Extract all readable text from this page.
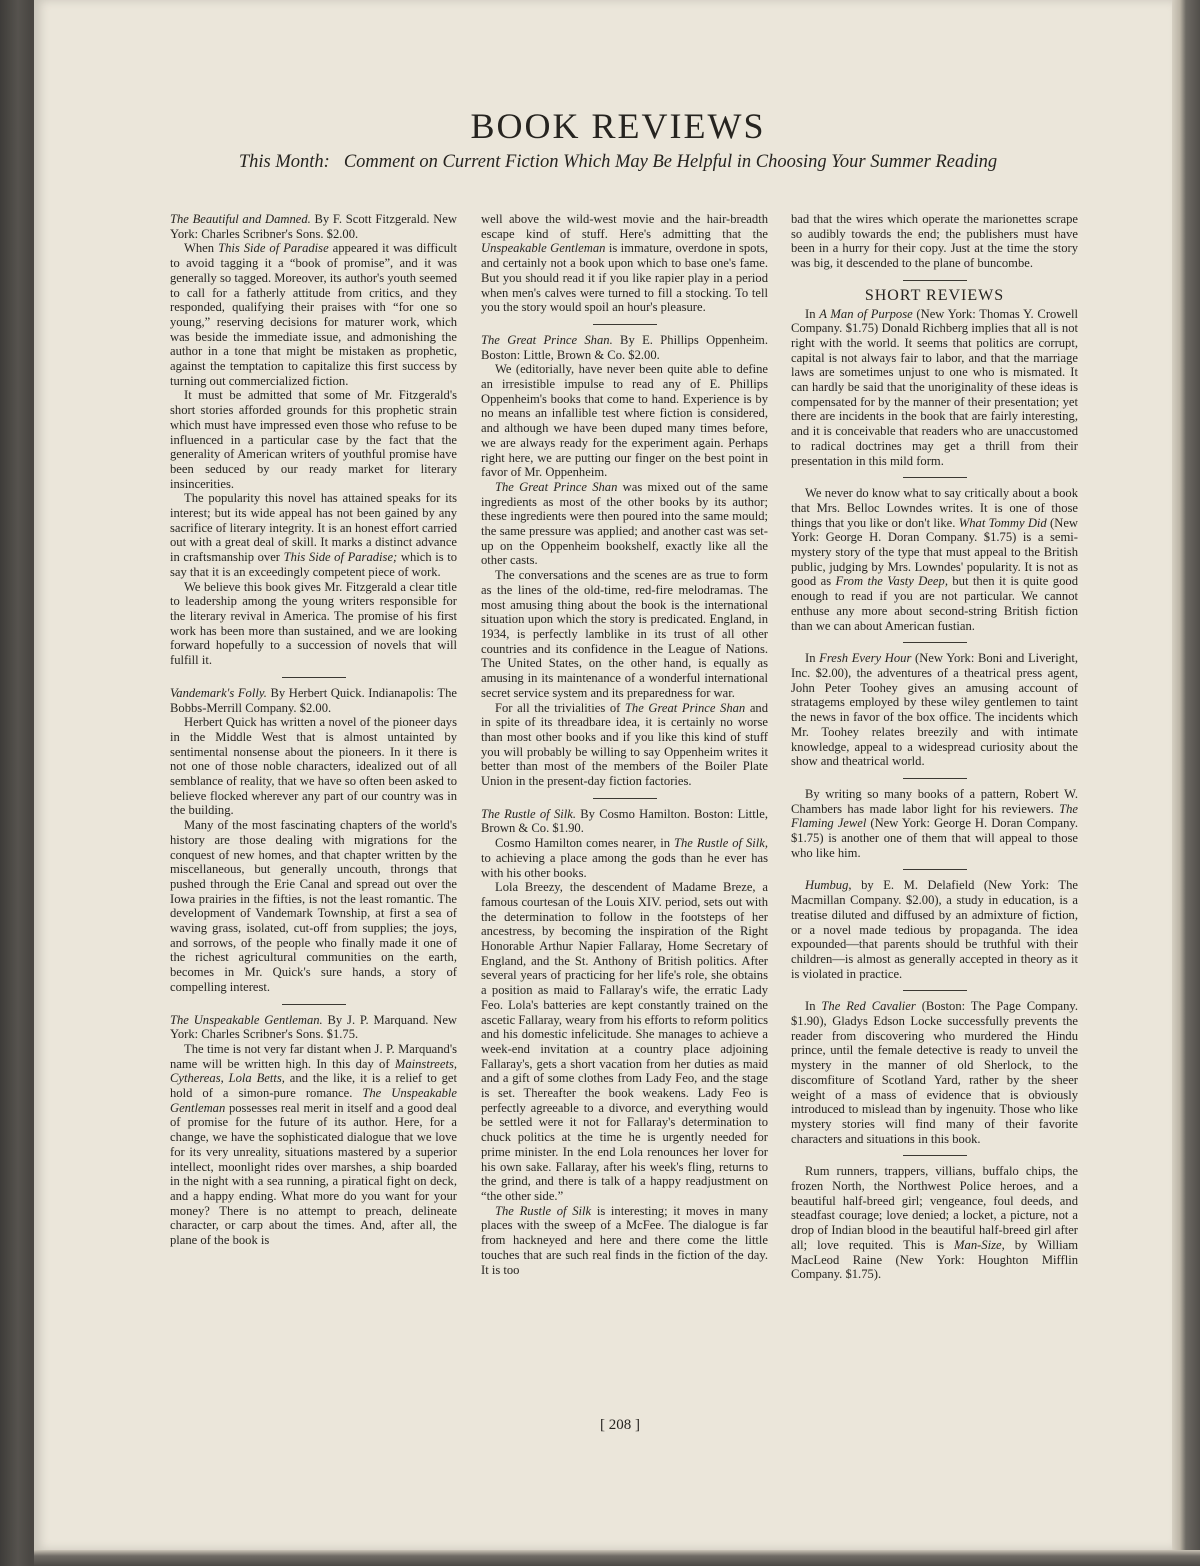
BOOK REVIEWS
This Month: Comment on Current Fiction Which May Be Helpful in Choosing Your Summer Reading

The Beautiful and Damned. By F. Scott Fitzgerald. New York: Charles Scribner's Sons. $2.00.

When This Side of Paradise appeared it was difficult to avoid tagging it a “book of promise”, and it was generally so tagged. Moreover, its author's youth seemed to call for a fatherly attitude from critics, and they responded, qualifying their praises with “for one so young,” reserving decisions for maturer work, which was beside the immediate issue, and admonishing the author in a tone that might be mistaken as prophetic, against the temptation to capitalize this first success by turning out commercialized fiction.

It must be admitted that some of Mr. Fitzgerald's short stories afforded grounds for this prophetic strain which must have impressed even those who refuse to be influenced in a particular case by the fact that the generality of American writers of youthful promise have been seduced by our ready market for literary insincerities.

The popularity this novel has attained speaks for its interest; but its wide appeal has not been gained by any sacrifice of literary integrity. It is an honest effort carried out with a great deal of skill. It marks a distinct advance in craftsmanship over This Side of Paradise; which is to say that it is an exceedingly competent piece of work.

We believe this book gives Mr. Fitzgerald a clear title to leadership among the young writers responsible for the literary revival in America. The promise of his first work has been more than sustained, and we are looking forward hopefully to a succession of novels that will fulfill it.

Vandemark's Folly. By Herbert Quick. Indianapolis: The Bobbs-Merrill Company. $2.00.

Herbert Quick has written a novel of the pioneer days in the Middle West that is almost untainted by sentimental nonsense about the pioneers. In it there is not one of those noble characters, idealized out of all semblance of reality, that we have so often been asked to believe flocked wherever any part of our country was in the building.

Many of the most fascinating chapters of the world's history are those dealing with migrations for the conquest of new homes, and that chapter written by the miscellaneous, but generally uncouth, throngs that pushed through the Erie Canal and spread out over the Iowa prairies in the fifties, is not the least romantic. The development of Vandemark Township, at first a sea of waving grass, isolated, cut-off from supplies; the joys, and sorrows, of the people who finally made it one of the richest agricultural communities on the earth, becomes in Mr. Quick's sure hands, a story of compelling interest.

The Unspeakable Gentleman. By J. P. Marquand. New York: Charles Scribner's Sons. $1.75.

The time is not very far distant when J. P. Marquand's name will be written high. In this day of Mainstreets, Cythereas, Lola Betts, and the like, it is a relief to get hold of a simon-pure romance. The Unspeakable Gentleman possesses real merit in itself and a good deal of promise for the future of its author. Here, for a change, we have the sophisticated dialogue that we love for its very unreality, situations mastered by a superior intellect, moonlight rides over marshes, a ship boarded in the night with a sea running, a piratical fight on deck, and a happy ending. What more do you want for your money? There is no attempt to preach, delineate character, or carp about the times. And, after all, the plane of the book is

well above the wild-west movie and the hair-breadth escape kind of stuff. Here's admitting that the Unspeakable Gentleman is immature, overdone in spots, and certainly not a book upon which to base one's fame. But you should read it if you like rapier play in a period when men's calves were turned to fill a stocking. To tell you the story would spoil an hour's pleasure.

The Great Prince Shan. By E. Phillips Oppenheim. Boston: Little, Brown & Co. $2.00.

We (editorially, have never been quite able to define an irresistible impulse to read any of E. Phillips Oppenheim's books that come to hand. Experience is by no means an infallible test where fiction is considered, and although we have been duped many times before, we are always ready for the experiment again. Perhaps right here, we are putting our finger on the best point in favor of Mr. Oppenheim.

The Great Prince Shan was mixed out of the same ingredients as most of the other books by its author; these ingredients were then poured into the same mould; the same pressure was applied; and another cast was set-up on the Oppenheim bookshelf, exactly like all the other casts.

The conversations and the scenes are as true to form as the lines of the old-time, red-fire melodramas. The most amusing thing about the book is the international situation upon which the story is predicated. England, in 1934, is perfectly lamblike in its trust of all other countries and its confidence in the League of Nations. The United States, on the other hand, is equally as amusing in its maintenance of a wonderful international secret service system and its preparedness for war.

For all the trivialities of The Great Prince Shan and in spite of its threadbare idea, it is certainly no worse than most other books and if you like this kind of stuff you will probably be willing to say Oppenheim writes it better than most of the members of the Boiler Plate Union in the present-day fiction factories.

The Rustle of Silk. By Cosmo Hamilton. Boston: Little, Brown & Co. $1.90.

Cosmo Hamilton comes nearer, in The Rustle of Silk, to achieving a place among the gods than he ever has with his other books.

Lola Breezy, the descendent of Madame Breze, a famous courtesan of the Louis XIV. period, sets out with the determination to follow in the footsteps of her ancestress, by becoming the inspiration of the Right Honorable Arthur Napier Fallaray, Home Secretary of England, and the St. Anthony of British politics. After several years of practicing for her life's role, she obtains a position as maid to Fallaray's wife, the erratic Lady Feo. Lola's batteries are kept constantly trained on the ascetic Fallaray, weary from his efforts to reform politics and his domestic infelicitude. She manages to achieve a week-end invitation at a country place adjoining Fallaray's, gets a short vacation from her duties as maid and a gift of some clothes from Lady Feo, and the stage is set. Thereafter the book weakens. Lady Feo is perfectly agreeable to a divorce, and everything would be settled were it not for Fallaray's determination to chuck politics at the time he is urgently needed for prime minister. In the end Lola renounces her lover for his own sake. Fallaray, after his week's fling, returns to the grind, and there is talk of a happy readjustment on “the other side.”

The Rustle of Silk is interesting; it moves in many places with the sweep of a McFee. The dialogue is far from hackneyed and here and there come the little touches that are such real finds in the fiction of the day. It is too

bad that the wires which operate the marionettes scrape so audibly towards the end; the publishers must have been in a hurry for their copy. Just at the time the story was big, it descended to the plane of buncombe.

SHORT REVIEWS

In A Man of Purpose (New York: Thomas Y. Crowell Company. $1.75) Donald Richberg implies that all is not right with the world. It seems that politics are corrupt, capital is not always fair to labor, and that the marriage laws are sometimes unjust to one who is mismated. It can hardly be said that the unoriginality of these ideas is compensated for by the manner of their presentation; yet there are incidents in the book that are fairly interesting, and it is conceivable that readers who are unaccustomed to radical doctrines may get a thrill from their presentation in this mild form.

We never do know what to say critically about a book that Mrs. Belloc Lowndes writes. It is one of those things that you like or don't like. What Tommy Did (New York: George H. Doran Company. $1.75) is a semi-mystery story of the type that must appeal to the British public, judging by Mrs. Lowndes' popularity. It is not as good as From the Vasty Deep, but then it is quite good enough to read if you are not particular. We cannot enthuse any more about second-string British fiction than we can about American fustian.

In Fresh Every Hour (New York: Boni and Liveright, Inc. $2.00), the adventures of a theatrical press agent, John Peter Toohey gives an amusing account of stratagems employed by these wiley gentlemen to taint the news in favor of the box office. The incidents which Mr. Toohey relates breezily and with intimate knowledge, appeal to a widespread curiosity about the show and theatrical world.

By writing so many books of a pattern, Robert W. Chambers has made labor light for his reviewers. The Flaming Jewel (New York: George H. Doran Company. $1.75) is another one of them that will appeal to those who like him.

Humbug, by E. M. Delafield (New York: The Macmillan Company. $2.00), a study in education, is a treatise diluted and diffused by an admixture of fiction, or a novel made tedious by propaganda. The idea expounded—that parents should be truthful with their children—is almost as generally accepted in theory as it is violated in practice.

In The Red Cavalier (Boston: The Page Company. $1.90), Gladys Edson Locke successfully prevents the reader from discovering who murdered the Hindu prince, until the female detective is ready to unveil the mystery in the manner of old Sherlock, to the discomfiture of Scotland Yard, rather by the sheer weight of a mass of evidence that is obviously introduced to mislead than by ingenuity. Those who like mystery stories will find many of their favorite characters and situations in this book.

Rum runners, trappers, villians, buffalo chips, the frozen North, the Northwest Police heroes, and a beautiful half-breed girl; vengeance, foul deeds, and steadfast courage; love denied; a locket, a picture, not a drop of Indian blood in the beautiful half-breed girl after all; love requited. This is Man-Size, by William MacLeod Raine (New York: Houghton Mifflin Company. $1.75).

[ 208 ]
